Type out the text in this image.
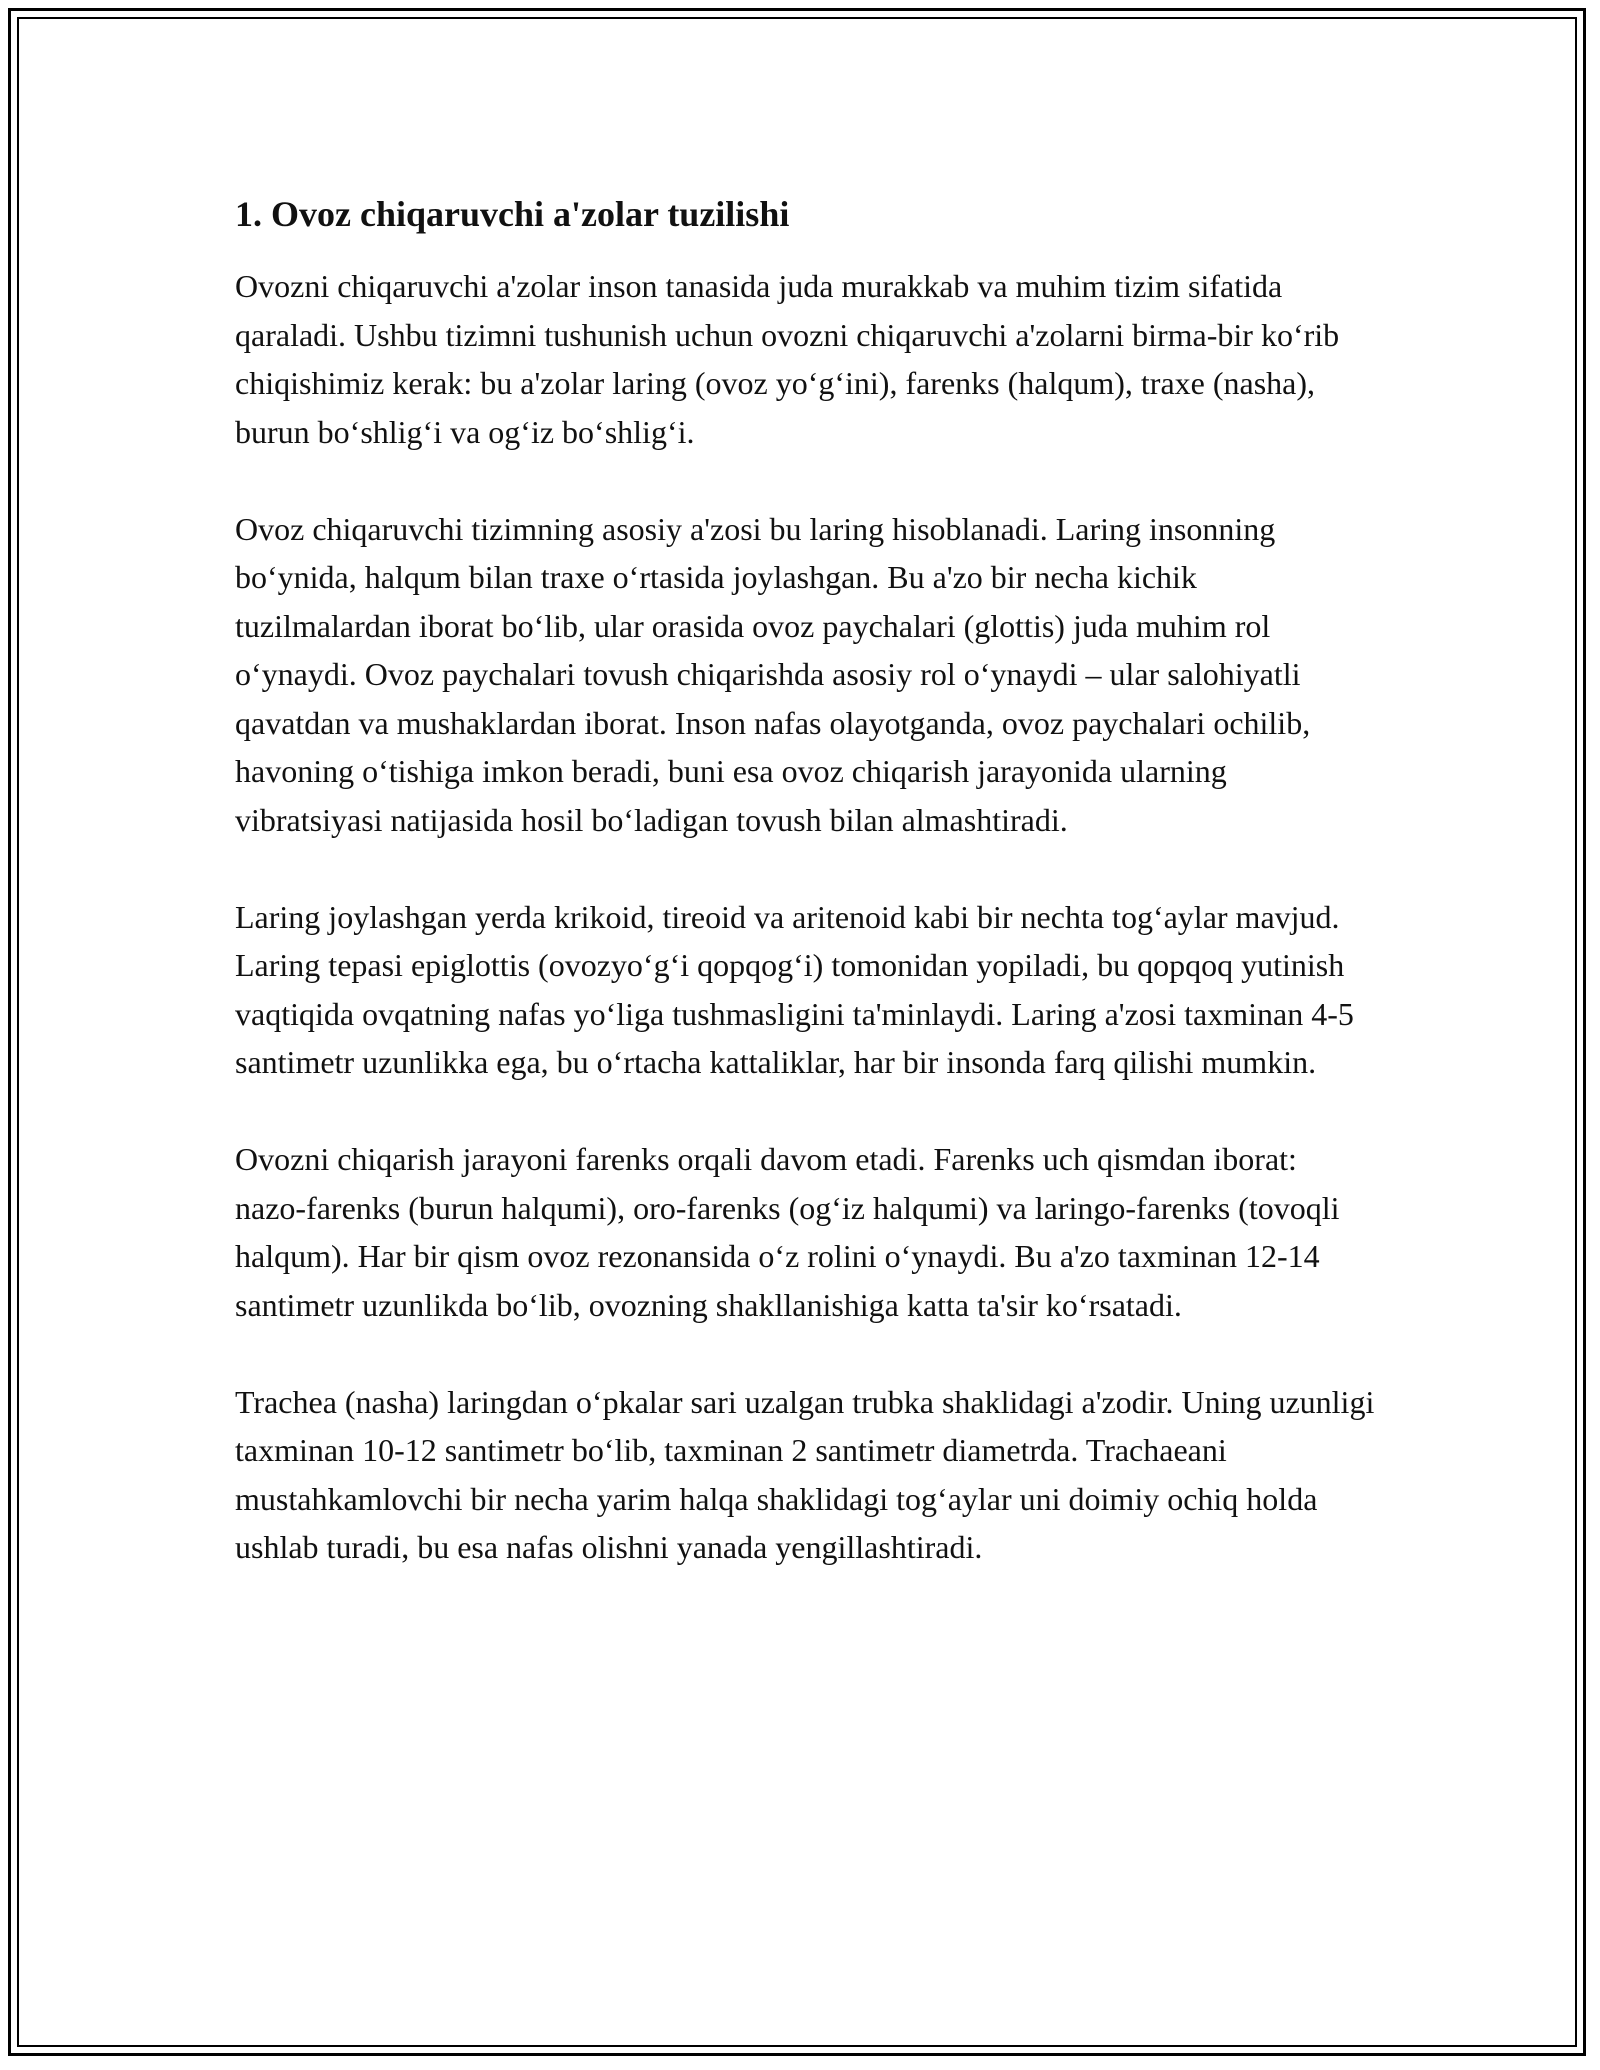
1. Ovoz chiqaruvchi a'zolar tuzilishi

Ovozni chiqaruvchi a'zolar inson tanasida juda murakkab va muhim tizim sifatida qaraladi. Ushbu tizimni tushunish uchun ovozni chiqaruvchi a'zolarni birma-bir ko‘rib chiqishimiz kerak: bu a'zolar laring (ovoz yo‘g‘ini), farenks (halqum), traxe (nasha), burun bo‘shlig‘i va og‘iz bo‘shlig‘i.

Ovoz chiqaruvchi tizimning asosiy a'zosi bu laring hisoblanadi. Laring insonning bo‘ynida, halqum bilan traxe o‘rtasida joylashgan. Bu a'zo bir necha kichik tuzilmalardan iborat bo‘lib, ular orasida ovoz paychalari (glottis) juda muhim rol o‘ynaydi. Ovoz paychalari tovush chiqarishda asosiy rol o‘ynaydi – ular salohiyatli qavatdan va mushaklardan iborat. Inson nafas olayotganda, ovoz paychalari ochilib, havoning o‘tishiga imkon beradi, buni esa ovoz chiqarish jarayonida ularning vibratsiyasi natijasida hosil bo‘ladigan tovush bilan almashtiradi.

Laring joylashgan yerda krikoid, tireoid va aritenoid kabi bir nechta tog‘aylar mavjud. Laring tepasi epiglottis (ovozyo‘g‘i qopqog‘i) tomonidan yopiladi, bu qopqoq yutinish vaqtiqida ovqatning nafas yo‘liga tushmasligini ta'minlaydi. Laring a'zosi taxminan 4-5 santimetr uzunlikka ega, bu o‘rtacha kattaliklar, har bir insonda farq qilishi mumkin.

Ovozni chiqarish jarayoni farenks orqali davom etadi. Farenks uch qismdan iborat: nazo-farenks (burun halqumi), oro-farenks (og‘iz halqumi) va laringo-farenks (tovoqli halqum). Har bir qism ovoz rezonansida o‘z rolini o‘ynaydi. Bu a'zo taxminan 12-14 santimetr uzunlikda bo‘lib, ovozning shakllanishiga katta ta'sir ko‘rsatadi.

Trachea (nasha) laringdan o‘pkalar sari uzalgan trubka shaklidagi a'zodir. Uning uzunligi taxminan 10-12 santimetr bo‘lib, taxminan 2 santimetr diametrda. Trachaeani mustahkamlovchi bir necha yarim halqa shaklidagi tog‘aylar uni doimiy ochiq holda ushlab turadi, bu esa nafas olishni yanada yengillashtiradi.
